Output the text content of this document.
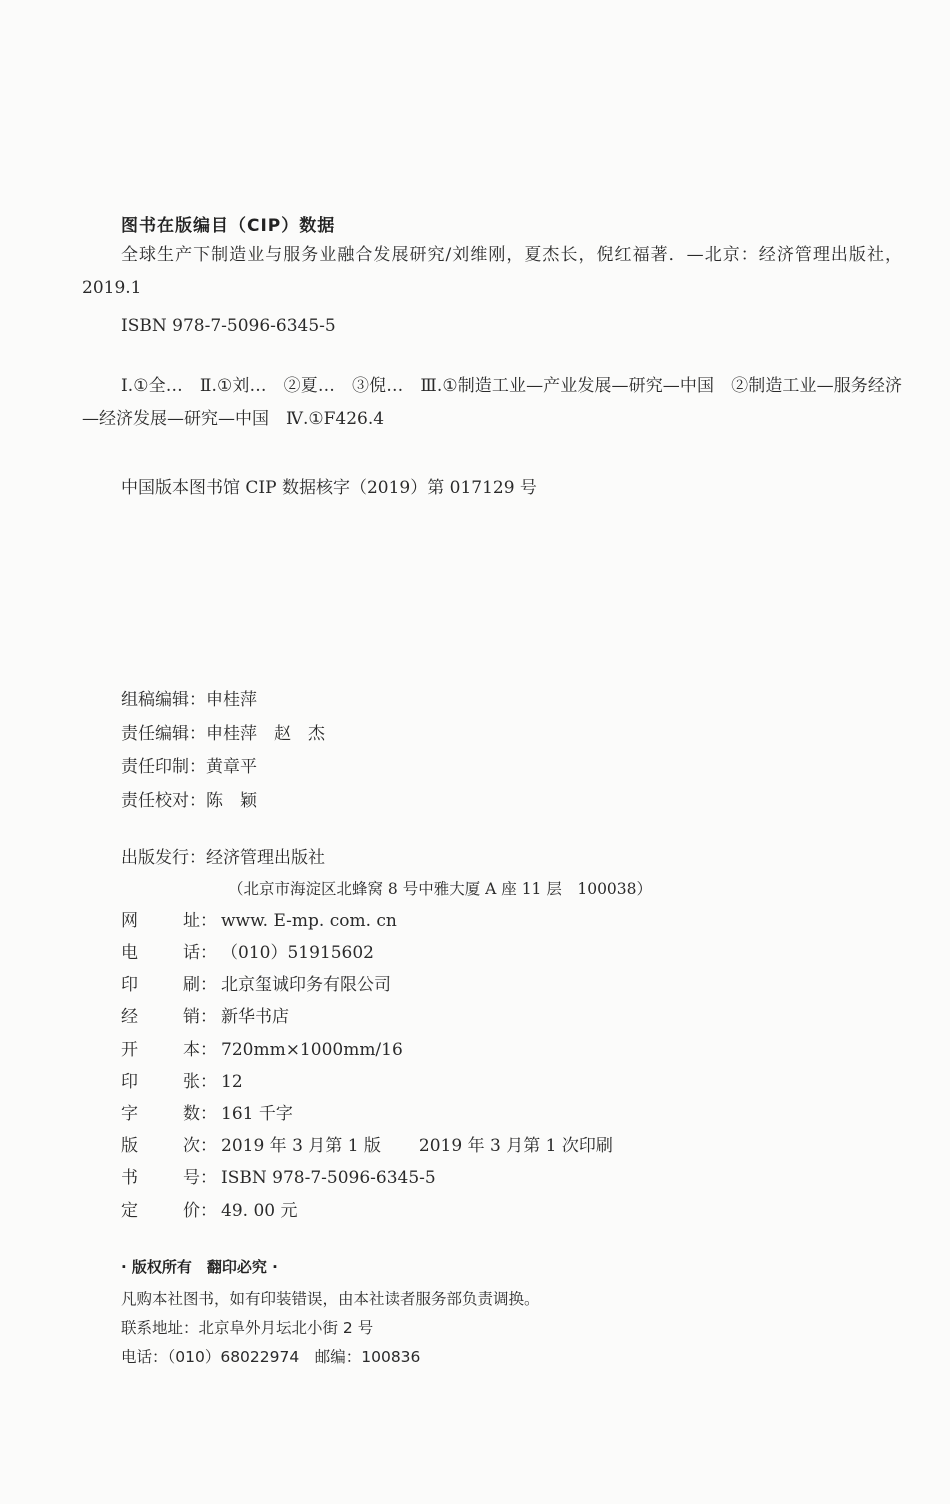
图书在版编目（CIP）数据

全球生产下制造业与服务业融合发展研究/刘维刚，夏杰长，倪红福著．—北京：经济管理出版社，2019.1

ISBN 978-7-5096-6345-5

Ⅰ.①全…　Ⅱ.①刘…　②夏…　③倪…　Ⅲ.①制造工业—产业发展—研究—中国　②制造工业—服务经济—经济发展—研究—中国　Ⅳ.①F426.4

中国版本图书馆 CIP 数据核字（2019）第 017129 号
组稿编辑： 申桂萍
责任编辑： 申桂萍　赵　杰
责任印制： 黄章平
责任校对： 陈　颖
出版发行： 经济管理出版社
（北京市海淀区北蜂窝 8 号中雅大厦 A 座 11 层　100038）
网	址： www. E-mp. com. cn
电	话： （010）51915602
印	刷： 北京玺诚印务有限公司
经	销： 新华书店
开	本： 720mm×1000mm/16
印	张： 12
字	数： 161 千字
版	次： 2019 年 3 月第 1 版 2019 年 3 月第 1 次印刷
书	号： ISBN 978-7-5096-6345-5
定	价： 49. 00 元
· 版权所有　翻印必究 ·
凡购本社图书，如有印装错误，由本社读者服务部负责调换。
联系地址：北京阜外月坛北小街 2 号
电话：（010）68022974　邮编：100836
